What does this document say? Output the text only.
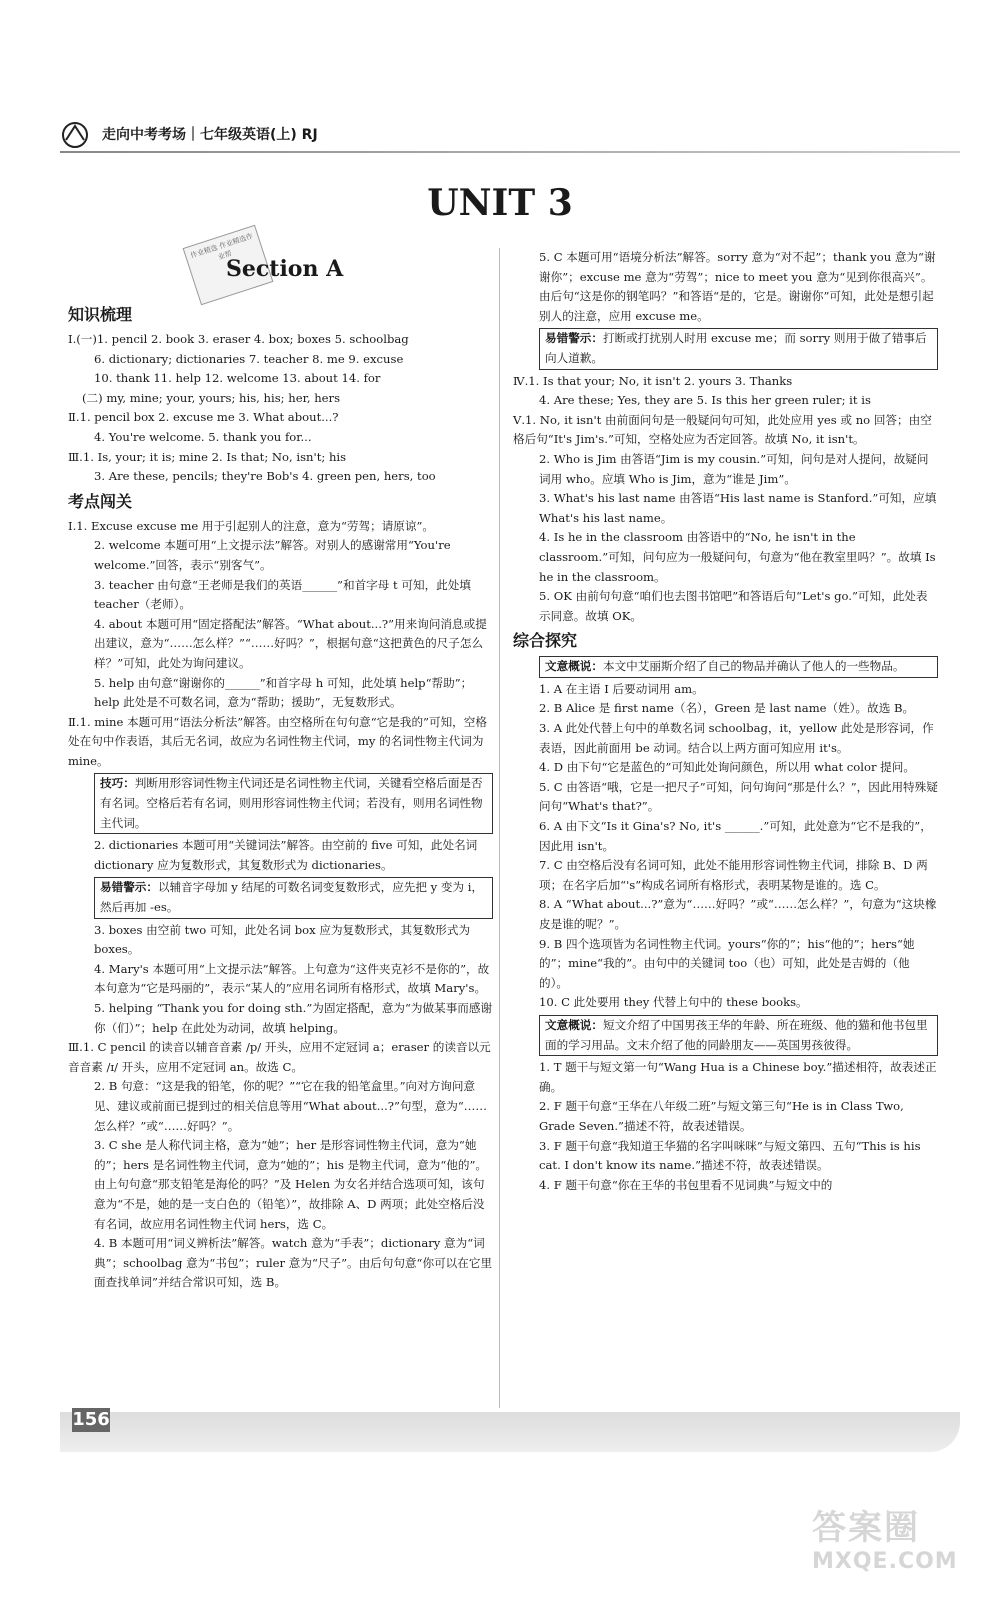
走向中考考场｜七年级英语(上) RJ
UNIT 3
作业精选 作业精选作业帮
Section A
知识梳理

Ⅰ.(一)1. pencil 2. book 3. eraser 4. box; boxes 5. schoolbag

6. dictionary; dictionaries 7. teacher 8. me 9. excuse

10. thank 11. help 12. welcome 13. about 14. for

(二) my, mine; your, yours; his, his; her, hers

Ⅱ.1. pencil box 2. excuse me 3. What about...?

4. You're welcome. 5. thank you for...

Ⅲ.1. Is, your; it is; mine 2. Is that; No, isn't; his

3. Are these, pencils; they're Bob's 4. green pen, hers, too

考点闯关

Ⅰ.1. Excuse excuse me 用于引起别人的注意，意为“劳驾；请原谅”。

2. welcome 本题可用“上文提示法”解答。对别人的感谢常用“You're welcome.”回答，表示“别客气”。

3. teacher 由句意“王老师是我们的英语______”和首字母 t 可知，此处填 teacher（老师）。

4. about 本题可用“固定搭配法”解答。“What about...?”用来询问消息或提出建议，意为“……怎么样？”“……好吗？”，根据句意“这把黄色的尺子怎么样？”可知，此处为询问建议。

5. help 由句意“谢谢你的______”和首字母 h 可知，此处填 help“帮助”；help 此处是不可数名词，意为“帮助；援助”，无复数形式。

Ⅱ.1. mine 本题可用“语法分析法”解答。由空格所在句句意“它是我的”可知，空格处在句中作表语，其后无名词，故应为名词性物主代词，my 的名词性物主代词为 mine。

技巧：判断用形容词性物主代词还是名词性物主代词，关键看空格后面是否有名词。空格后若有名词，则用形容词性物主代词；若没有，则用名词性物主代词。

2. dictionaries 本题可用“关键词法”解答。由空前的 five 可知，此处名词 dictionary 应为复数形式，其复数形式为 dictionaries。

易错警示：以辅音字母加 y 结尾的可数名词变复数形式，应先把 y 变为 i，然后再加 -es。

3. boxes 由空前 two 可知，此处名词 box 应为复数形式，其复数形式为 boxes。

4. Mary's 本题可用“上文提示法”解答。上句意为“这件夹克衫不是你的”，故本句意为“它是玛丽的”，表示“某人的”应用名词所有格形式，故填 Mary's。

5. helping “Thank you for doing sth.”为固定搭配，意为“为做某事而感谢你（们）”；help 在此处为动词，故填 helping。

Ⅲ.1. C pencil 的读音以辅音音素 /p/ 开头，应用不定冠词 a；eraser 的读音以元音音素 /ɪ/ 开头，应用不定冠词 an。故选 C。

2. B 句意：“这是我的铅笔，你的呢？”“它在我的铅笔盒里。”向对方询问意见、建议或前面已提到过的相关信息等用“What about...?”句型，意为“……怎么样？”或“……好吗？”。

3. C she 是人称代词主格，意为“她”；her 是形容词性物主代词，意为“她的”；hers 是名词性物主代词，意为“她的”；his 是物主代词，意为“他的”。由上句句意“那支铅笔是海伦的吗？”及 Helen 为女名并结合选项可知，该句意为“不是，她的是一支白色的（铅笔）”，故排除 A、D 两项；此处空格后没有名词，故应用名词性物主代词 hers，选 C。

4. B 本题可用“词义辨析法”解答。watch 意为“手表”；dictionary 意为“词典”；schoolbag 意为“书包”；ruler 意为“尺子”。由后句句意“你可以在它里面查找单词”并结合常识可知，选 B。

5. C 本题可用“语境分析法”解答。sorry 意为“对不起”；thank you 意为“谢谢你”；excuse me 意为“劳驾”；nice to meet you 意为“见到你很高兴”。由后句“这是你的钢笔吗？”和答语“是的，它是。谢谢你”可知，此处是想引起别人的注意，应用 excuse me。

易错警示：打断或打扰别人时用 excuse me；而 sorry 则用于做了错事后向人道歉。

Ⅳ.1. Is that your; No, it isn't 2. yours 3. Thanks

4. Are these; Yes, they are 5. Is this her green ruler; it is

Ⅴ.1. No, it isn't 由前面问句是一般疑问句可知，此处应用 yes 或 no 回答；由空格后句“It's Jim's.”可知，空格处应为否定回答。故填 No, it isn't。

2. Who is Jim 由答语“Jim is my cousin.”可知，问句是对人提问，故疑问词用 who。应填 Who is Jim，意为“谁是 Jim”。

3. What's his last name 由答语“His last name is Stanford.”可知，应填 What's his last name。

4. Is he in the classroom 由答语中的“No, he isn't in the classroom.”可知，问句应为一般疑问句，句意为“他在教室里吗？”。故填 Is he in the classroom。

5. OK 由前句句意“咱们也去图书馆吧”和答语后句“Let's go.”可知，此处表示同意。故填 OK。

综合探究
文意概说：本文中艾丽斯介绍了自己的物品并确认了他人的一些物品。

1. A 在主语 I 后要动词用 am。

2. B Alice 是 first name（名），Green 是 last name（姓）。故选 B。

3. A 此处代替上句中的单数名词 schoolbag，it，yellow 此处是形容词，作表语，因此前面用 be 动词。结合以上两方面可知应用 it's。

4. D 由下句“它是蓝色的”可知此处询问颜色，所以用 what color 提问。

5. C 由答语“哦，它是一把尺子”可知，问句询问“那是什么？”，因此用特殊疑问句“What's that?”。

6. A 由下文“Is it Gina's? No, it's ______.”可知，此处意为“它不是我的”，因此用 isn't。

7. C 由空格后没有名词可知，此处不能用形容词性物主代词，排除 B、D 两项；在名字后加“'s”构成名词所有格形式，表明某物是谁的。选 C。

8. A “What about...?”意为“……好吗？”或“……怎么样？”，句意为“这块橡皮是谁的呢？”。

9. B 四个选项皆为名词性物主代词。yours“你的”；his“他的”；hers“她的”；mine“我的”。由句中的关键词 too（也）可知，此处是吉姆的（他的）。

10. C 此处要用 they 代替上句中的 these books。

文意概说：短文介绍了中国男孩王华的年龄、所在班级、他的猫和他书包里面的学习用品。文末介绍了他的同龄朋友——英国男孩彼得。

1. T 题干与短文第一句“Wang Hua is a Chinese boy.”描述相符，故表述正确。

2. F 题干句意“王华在八年级二班”与短文第三句“He is in Class Two, Grade Seven.”描述不符，故表述错误。

3. F 题干句意“我知道王华猫的名字叫咪咪”与短文第四、五句“This is his cat. I don't know its name.”描述不符，故表述错误。

4. F 题干句意“你在王华的书包里看不见词典”与短文中的

156
答案圈
MXQE.COM
